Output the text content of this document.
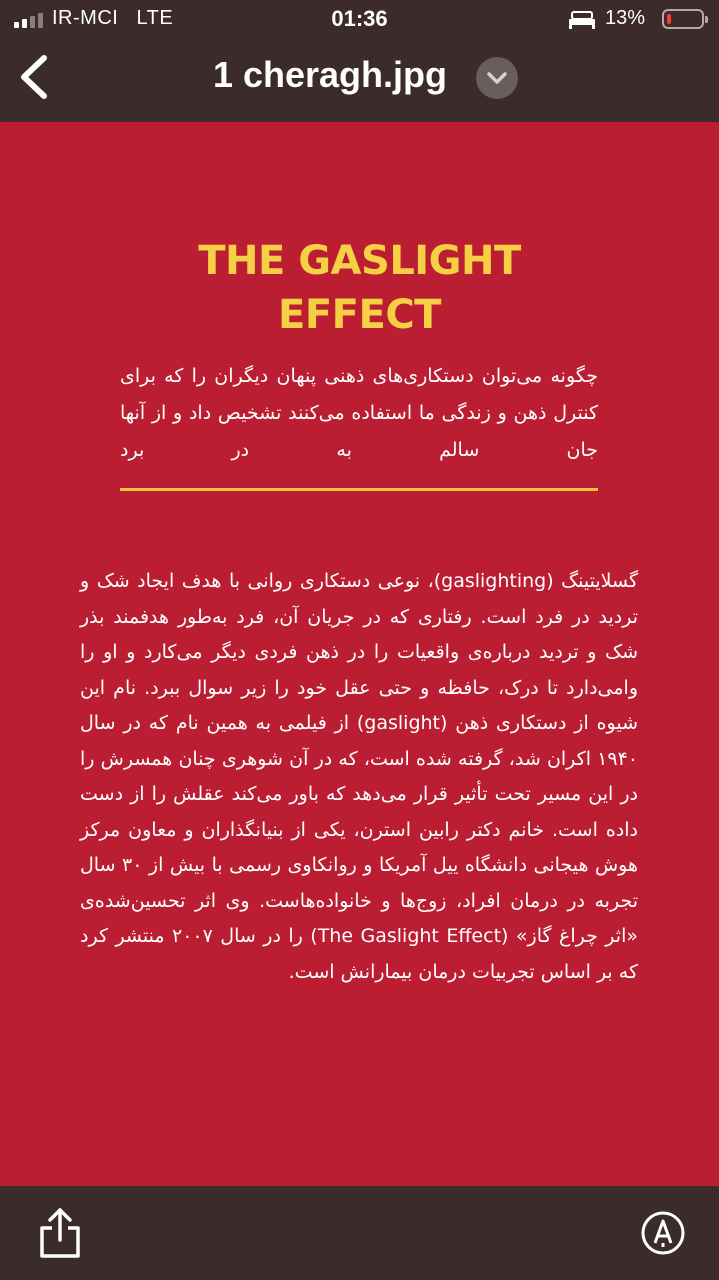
IR-MCI LTE	01:36	13%
1 cheragh.jpg
THE GASLIGHT
EFFECT
چگونه می‌توان دستکاری‌های ذهنی پنهان دیگران را که برای کنترل ذهن و زندگی ما استفاده می‌کنند تشخیص داد و از آنها جان سالم به در برد
گسلایتینگ (gaslighting)، نوعی دستکاری روانی با هدف ایجاد شک و تردید در فرد است. رفتاری که در جریان آن، فرد به‌طور هدفمند بذر شک و تردید درباره‌ی واقعیات را در ذهن فردی دیگر می‌کارد و او را وامی‌دارد تا درک، حافظه و حتی عقل خود را زیر سوال ببرد. نام این شیوه از دستکاری ذهن (gaslight) از فیلمی به همین نام که در سال ۱۹۴۰ اکران شد، گرفته شده است، که در آن شوهری چنان همسرش را در این مسیر تحت تأثیر قرار می‌دهد که باور می‌کند عقلش را از دست داده است. خانم دکتر رابین استرن، یکی از بنیانگذاران و معاون مرکز هوش هیجانی دانشگاه ییل آمریکا و روانکاوی رسمی با بیش از ۳۰ سال تجربه در درمان افراد، زوج‌ها و خانواده‌هاست. وی اثر تحسین‌شده‌ی «اثر چراغ گاز» (The Gaslight Effect) را در سال ۲۰۰۷ منتشر کرد که بر اساس تجربیات درمان بیمارانش است.
